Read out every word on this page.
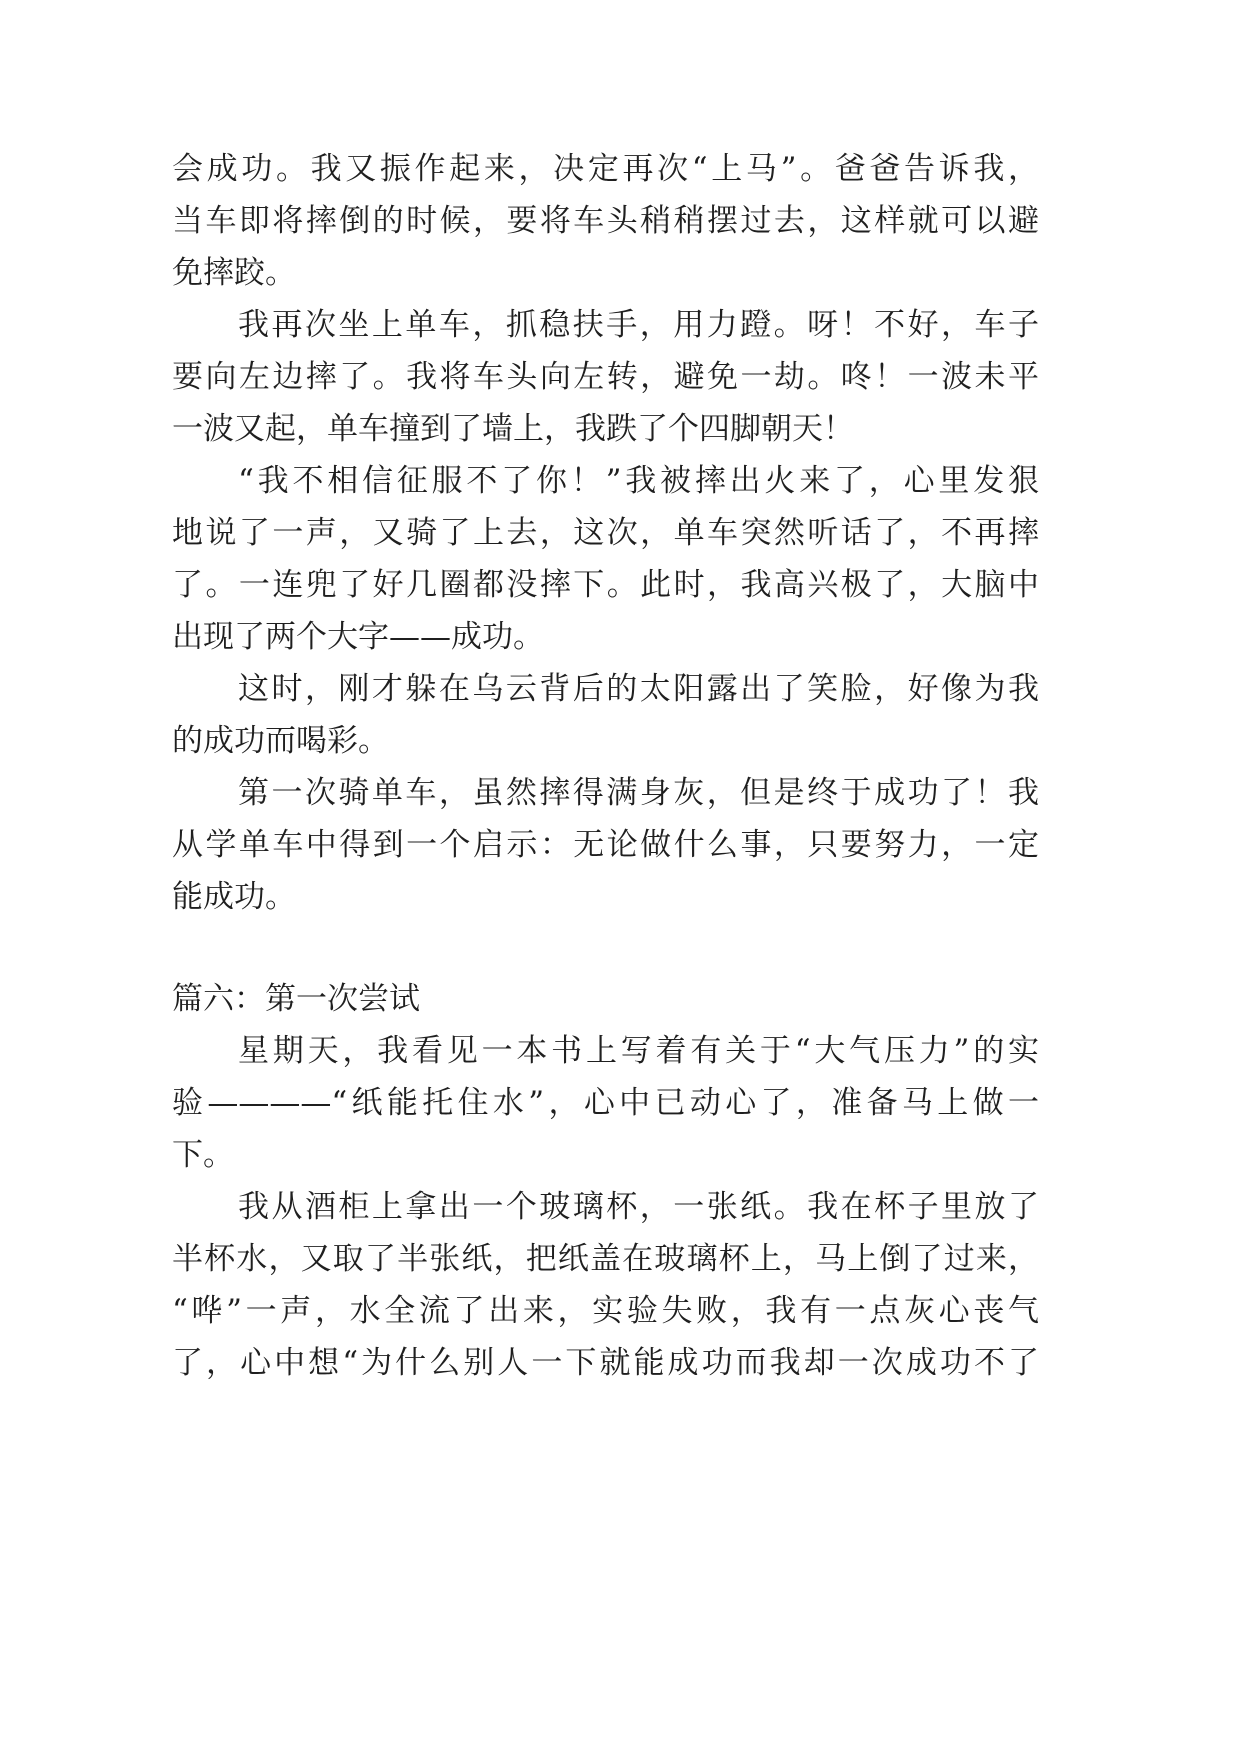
会成功。我又振作起来，决定再次“上马”。爸爸告诉我，
当车即将摔倒的时候，要将车头稍稍摆过去，这样就可以避
免摔跤。
我再次坐上单车，抓稳扶手，用力蹬。呀！不好，车子
要向左边摔了。我将车头向左转，避免一劫。咚！一波未平
一波又起，单车撞到了墙上，我跌了个四脚朝天！
“我不相信征服不了你！”我被摔出火来了，心里发狠
地说了一声，又骑了上去，这次，单车突然听话了，不再摔
了。一连兜了好几圈都没摔下。此时，我高兴极了，大脑中
出现了两个大字——成功。
这时，刚才躲在乌云背后的太阳露出了笑脸，好像为我
的成功而喝彩。
第一次骑单车，虽然摔得满身灰，但是终于成功了！我
从学单车中得到一个启示：无论做什么事，只要努力，一定
能成功。
篇六：第一次尝试
星期天，我看见一本书上写着有关于“大气压力”的实
验————“纸能托住水”，心中已动心了，准备马上做一
下。
我从酒柜上拿出一个玻璃杯，一张纸。我在杯子里放了
半杯水，又取了半张纸，把纸盖在玻璃杯上，马上倒了过来，
“哗”一声，水全流了出来，实验失败，我有一点灰心丧气
了，心中想“为什么别人一下就能成功而我却一次成功不了
